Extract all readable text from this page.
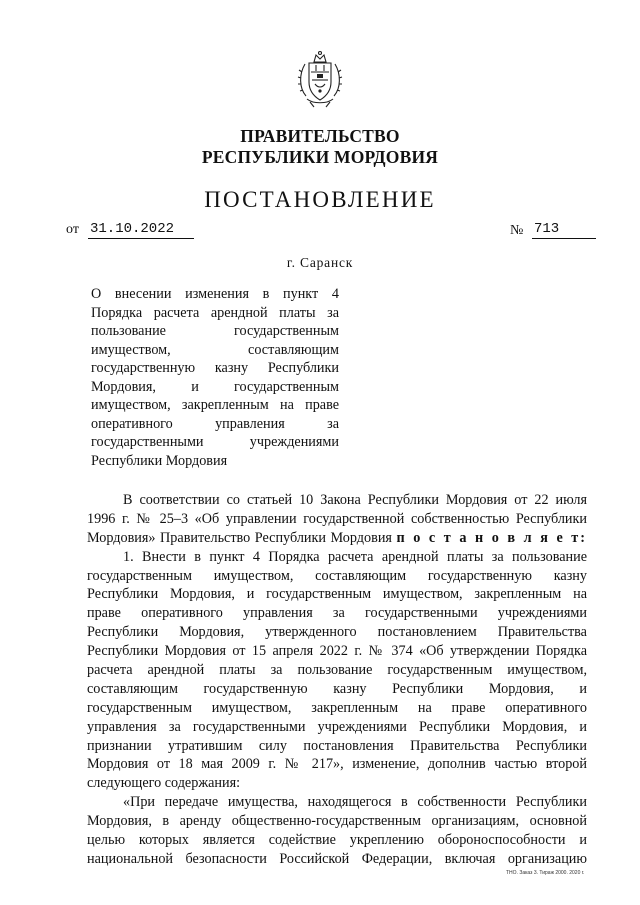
ПРАВИТЕЛЬСТВО
РЕСПУБЛИКИ МОРДОВИЯ
ПОСТАНОВЛЕНИЕ
от 31.10.2022	№ 713
г. Саранск
О внесении изменения в пункт 4
Порядка расчета арендной платы за
пользование государственным
имуществом, составляющим
государственную казну Республики
Мордовия, и государственным
имуществом, закрепленным на праве
оперативного управления за
государственными учреждениями
Республики Мордовия
В соответствии со статьей 10 Закона Республики Мордовия от 22 июля
1996 г. № 25–3 «Об управлении государственной собственностью Республики
Мордовия» Правительство Республики Мордовия п о с т а н о в л я е т:
1. Внести в пункт 4 Порядка расчета арендной платы за пользование
государственным имуществом, составляющим государственную казну
Республики Мордовия, и государственным имуществом, закрепленным на
праве оперативного управления за государственными учреждениями
Республики Мордовия, утвержденного постановлением Правительства
Республики Мордовия от 15 апреля 2022 г. № 374 «Об утверждении Порядка
расчета арендной платы за пользование государственным имуществом,
составляющим государственную казну Республики Мордовия, и
государственным имуществом, закрепленным на праве оперативного
управления за государственными учреждениями Республики Мордовия, и
признании утратившим силу постановления Правительства Республики
Мордовия от 18 мая 2009 г. № 217», изменение, дополнив частью второй
следующего содержания:
«При передаче имущества, находящегося в собственности Республики
Мордовия, в аренду общественно-государственным организациям, основной
целью которых является содействие укреплению обороноспособности и
национальной безопасности Российской Федерации, включая организацию
ТНО. Заказ 3. Тираж 2000. 2020 г.
